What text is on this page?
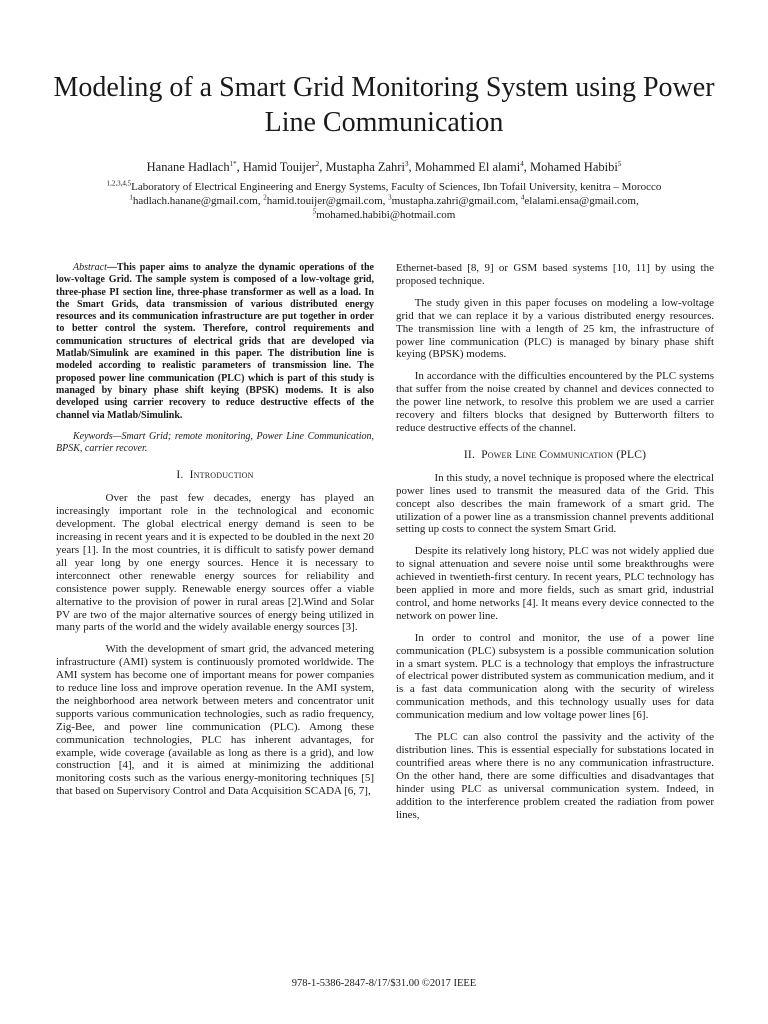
Modeling of a Smart Grid Monitoring System using Power Line Communication
Hanane Hadlach$^{1*}$, Hamid Touijer$^2$, Mustapha Zahri$^3$, Mohammed El alami$^4$, Mohamed Habibi$^5$
$^{1,2,3,4,5}$Laboratory of Electrical Engineering and Energy Systems, Faculty of Sciences, Ibn Tofail University, kenitra – Morocco
$^1$hadlach.hanane@gmail.com, $^2$hamid.touijer@gmail.com, $^3$mustapha.zahri@gmail.com, $^4$elalami.ensa@gmail.com,
$^5$mohamed.habibi@hotmail.com

Abstract—This paper aims to analyze the dynamic operations of the low-voltage Grid. The sample system is composed of a low-voltage grid, three-phase PI section line, three-phase transformer as well as a load. In the Smart Grids, data transmission of various distributed energy resources and its communication infrastructure are put together in order to better control the system. Therefore, control requirements and communication structures of electrical grids that are developed via Matlab/Simulink are examined in this paper. The distribution line is modeled according to realistic parameters of transmission line. The proposed power line communication (PLC) which is part of this study is managed by binary phase shift keying (BPSK) modems. It is also developed using carrier recovery to reduce destructive effects of the channel via Matlab/Simulink.

Keywords—Smart Grid; remote monitoring, Power Line Communication, BPSK, carrier recover.

I. Introduction

Over the past few decades, energy has played an increasingly important role in the technological and economic development. The global electrical energy demand is seen to be increasing in recent years and it is expected to be doubled in the next 20 years [1]. In the most countries, it is difficult to satisfy power demand all year long by one energy sources. Hence it is necessary to interconnect other renewable energy sources for reliability and consistence power supply. Renewable energy sources offer a viable alternative to the provision of power in rural areas [2].Wind and Solar PV are two of the major alternative sources of energy being utilized in many parts of the world and the widely available energy sources [3].

With the development of smart grid, the advanced metering infrastructure (AMI) system is continuously promoted worldwide. The AMI system has become one of important means for power companies to reduce line loss and improve operation revenue. In the AMI system, the neighborhood area network between meters and concentrator unit supports various communication technologies, such as radio frequency, Zig-Bee, and power line communication (PLC). Among these communication technologies, PLC has inherent advantages, for example, wide coverage (available as long as there is a grid), and low construction [4], and it is aimed at minimizing the additional monitoring costs such as the various energy-monitoring techniques [5] that based on Supervisory Control and Data Acquisition SCADA [6, 7],

Ethernet-based [8, 9] or GSM based systems [10, 11] by using the proposed technique.

The study given in this paper focuses on modeling a low-voltage grid that we can replace it by a various distributed energy resources. The transmission line with a length of 25 km, the infrastructure of power line communication (PLC) is managed by binary phase shift keying (BPSK) modems.

In accordance with the difficulties encountered by the PLC systems that suffer from the noise created by channel and devices connected to the power line network, to resolve this problem we are used a carrier recovery and filters blocks that designed by Butterworth filters to reduce destructive effects of the channel.

II. Power Line Communication (PLC)

In this study, a novel technique is proposed where the electrical power lines used to transmit the measured data of the Grid. This concept also describes the main framework of a smart grid. The utilization of a power line as a transmission channel prevents additional setting up costs to connect the system Smart Grid.

Despite its relatively long history, PLC was not widely applied due to signal attenuation and severe noise until some breakthroughs were achieved in twentieth-first century. In recent years, PLC technology has been applied in more and more fields, such as smart grid, industrial control, and home networks [4]. It means every device connected to the network on power line.

In order to control and monitor, the use of a power line communication (PLC) subsystem is a possible communication solution in a smart system. PLC is a technology that employs the infrastructure of electrical power distributed system as communication medium, and it is a fast data communication along with the security of wireless communication methods, and this technology usually uses for data communication medium and low voltage power lines [6].

The PLC can also control the passivity and the activity of the distribution lines. This is essential especially for substations located in countrified areas where there is no any communication infrastructure. On the other hand, there are some difficulties and disadvantages that hinder using PLC as universal communication system. Indeed, in addition to the interference problem created the radiation from power lines,

978-1-5386-2847-8/17/$31.00 ©2017 IEEE
